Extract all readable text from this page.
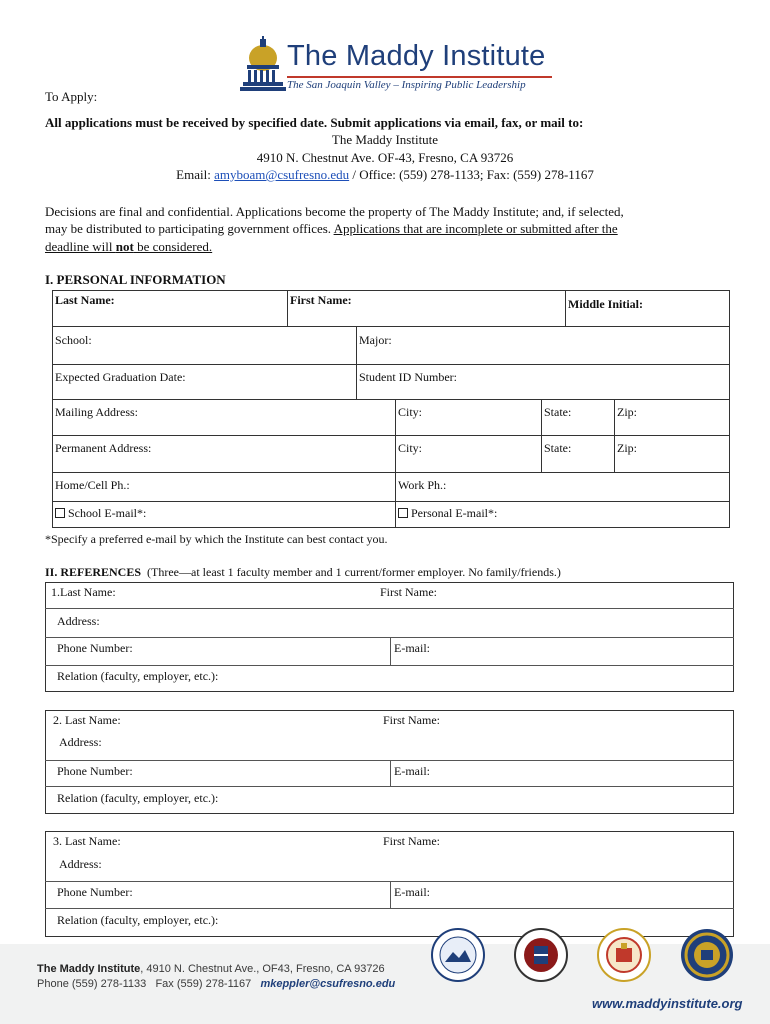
The Maddy Institute
The San Joaquin Valley – Inspiring Public Leadership
To Apply:
All applications must be received by specified date. Submit applications via email, fax, or mail to:
The Maddy Institute
4910 N. Chestnut Ave. OF-43, Fresno, CA 93726
Email: amyboam@csufresno.edu / Office: (559) 278-1133; Fax: (559) 278-1167
Decisions are final and confidential. Applications become the property of The Maddy Institute; and, if selected,
may be distributed to participating government offices. Applications that are incomplete or submitted after the
deadline will not be considered.
I. PERSONAL INFORMATION
Last Name:	First Name:	Middle Initial:
School:	Major:
Expected Graduation Date:	Student ID Number:
Mailing Address:	City:	State:	Zip:
Permanent Address:	City:	State:	Zip:
Home/Cell Ph.:	Work Ph.:
School E-mail*:	Personal E-mail*:
*Specify a preferred e-mail by which the Institute can best contact you.
II. REFERENCES (Three—at least 1 faculty member and 1 current/former employer. No family/friends.)
1.Last Name:	First Name:
Address:
Phone Number:	E-mail:
Relation (faculty, employer, etc.):
2. Last Name:	First Name:
Address:
Phone Number:	E-mail:
Relation (faculty, employer, etc.):
3. Last Name:	First Name:
Address:
Phone Number:	E-mail:
Relation (faculty, employer, etc.):
The Maddy Institute, 4910 N. Chestnut Ave., OF43, Fresno, CA 93726
Phone (559) 278-1133 Fax (559) 278-1167 mkeppler@csufresno.edu
www.maddyinstitute.org
